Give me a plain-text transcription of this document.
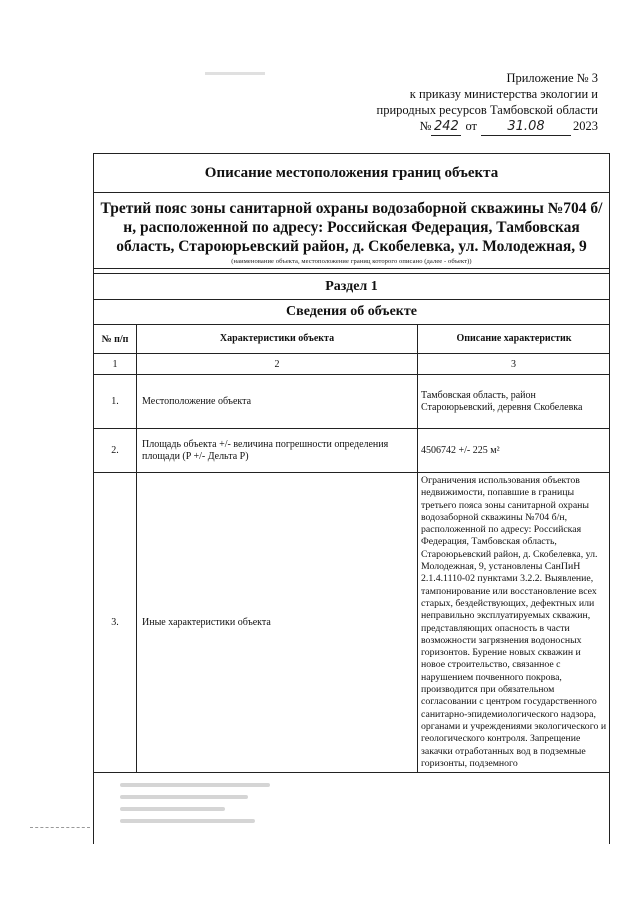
Приложение № 3
к приказу министерства экологии и
природных ресурсов Тамбовской области
№ 242 от	31.08	2023
Описание местоположения границ объекта
Третий пояс зоны санитарной охраны водозаборной скважины №704 б/н, расположенной по адресу: Российская Федерация, Тамбовская область, Староюрьевский район, д. Скобелевка, ул. Молодежная, 9
(наименование объекта, местоположение границ которого описано (далее - объект))
Раздел 1
Сведения об объекте
№ п/п	Характеристики объекта	Описание характеристик
1	2	3
1.	Местоположение объекта	Тамбовская область, район Староюрьевский, деревня Скобелевка
2.	Площадь объекта +/- величина погрешности определения площади (P +/- Дельта P)	4506742 +/- 225 м²
3.	Иные характеристики объекта	Ограничения использования объектов недвижимости, попавшие в границы третьего пояса зоны санитарной охраны водозаборной скважины №704 б/н, расположенной по адресу: Российская Федерация, Тамбовская область, Староюрьевский район, д. Скобелевка, ул. Молодежная, 9, установлены СанПиН 2.1.4.1110-02 пунктами 3.2.2. Выявление, тампонирование или восстановление всех старых, бездействующих, дефектных или неправильно эксплуатируемых скважин, представляющих опасность в части возможности загрязнения водоносных горизонтов. Бурение новых скважин и новое строительство, связанное с нарушением почвенного покрова, производится при обязательном согласовании с центром государственного санитарно-эпидемиологического надзора, органами и учреждениями экологического и геологического контроля. Запрещение закачки отработанных вод в подземные горизонты, подземного
